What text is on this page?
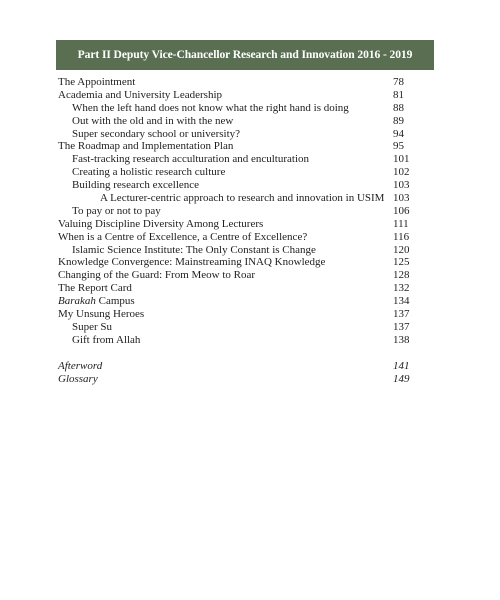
Part II Deputy Vice-Chancellor Research and Innovation 2016 - 2019
The Appointment	78
Academia and University Leadership	81
When the left hand does not know what the right hand is doing	88
Out with the old and in with the new	89
Super secondary school or university?	94
The Roadmap and Implementation Plan	95
Fast-tracking research acculturation and enculturation	101
Creating a holistic research culture	102
Building research excellence	103
A Lecturer-centric approach to research and innovation in USIM 103
To pay or not to pay	106
Valuing Discipline Diversity Among Lecturers	111
When is a Centre of Excellence, a Centre of Excellence?	116
Islamic Science Institute: The Only Constant is Change	120
Knowledge Convergence: Mainstreaming INAQ Knowledge	125
Changing of the Guard: From Meow to Roar	128
The Report Card	132
Barakah Campus	134
My Unsung Heroes	137
Super Su	137
Gift from Allah	138
Afterword	141
Glossary	149
